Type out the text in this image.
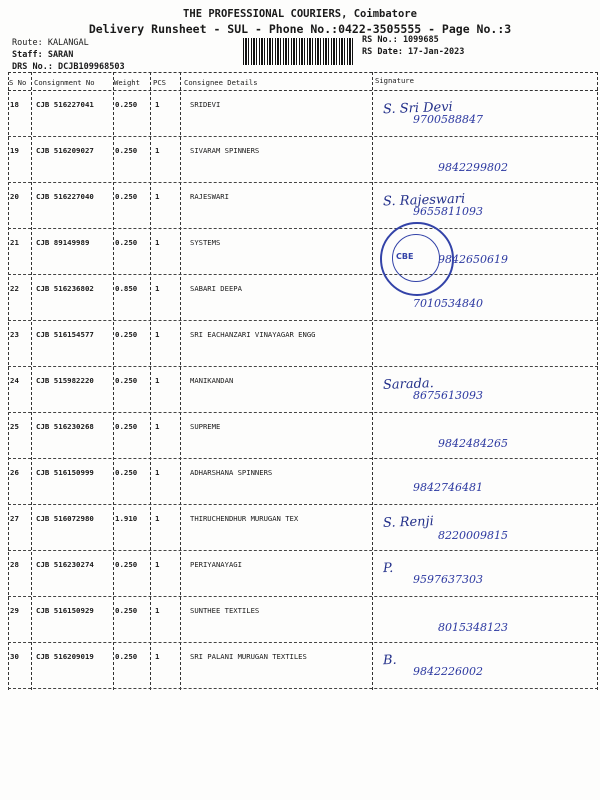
THE PROFESSIONAL COURIERS, Coimbatore
Delivery Runsheet - SUL - Phone No.:0422-3505555 - Page No.:3
Route: KALANGAL
Staff: SARAN
DRS No.: DCJB109968503
RS No.: 1099685
RS Date: 17-Jan-2023
S No Consignment No	Weight PCS	Consignee Details	Signature
18 CJB 516227041	0.250 1	SRIDEVI	S. Sri Devi
9700588847
19 CJB 516209027	0.250 1	SIVARAM SPINNERS
9842299802
20 CJB 516227040	0.250 1	RAJESWARI	S. Rajeswari
9655811093
21 CJB 89149989	0.250 1	SYSTEMS
9842650619
22 CJB 516236802	0.850 1	SABARI DEEPA
7010534840
23 CJB 516154577	0.250 1	SRI EACHANZARI VINAYAGAR ENGG
24 CJB 515982220	0.250 1	MANIKANDAN	Sarada.
8675613093
25 CJB 516230268	0.250 1	SUPREME
9842484265
26 CJB 516150999	0.250 1	ADHARSHANA SPINNERS
9842746481
27 CJB 516072980	1.910 1	THIRUCHENDHUR MURUGAN TEX	S. Renji
8220009815
28 CJB 516230274	0.250 1	PERIYANAYAGI	P.
9597637303
29 CJB 516150929	0.250 1	SUNTHEE TEXTILES
8015348123
30 CJB 516209019	0.250 1	SRI PALANI MURUGAN TEXTILES	B.
9842226002
CBE
